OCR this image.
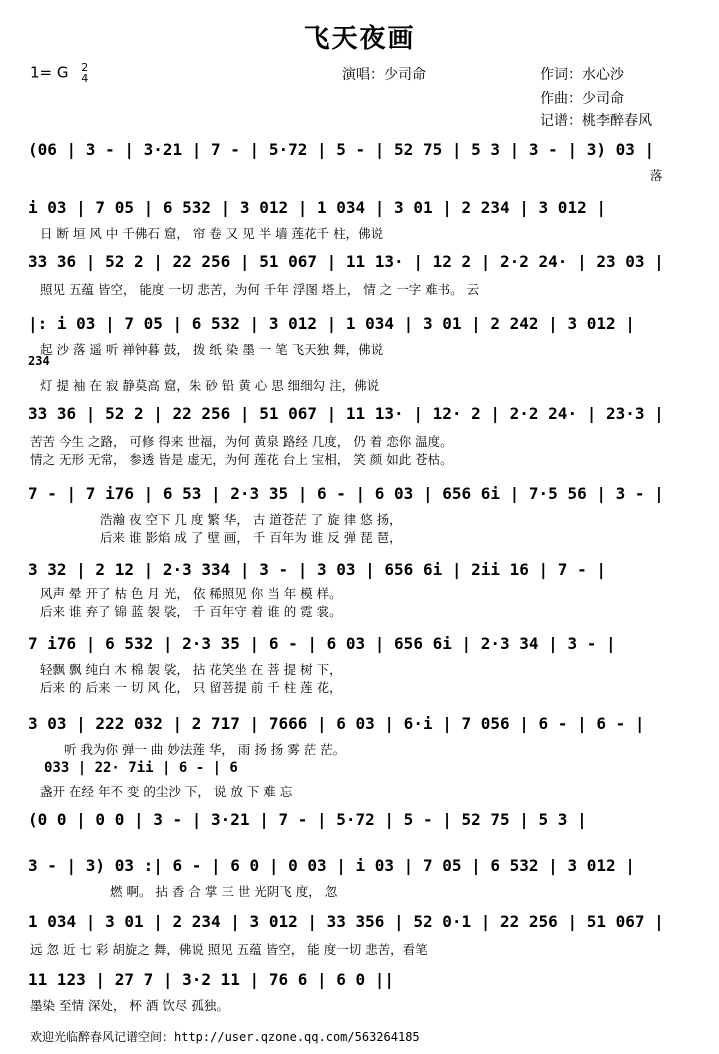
飞天夜画
1= G 2
4	演唱：少司命	作词：水心沙
作曲：少司命
记谱：桃李醉春风
(06 | 3 - | 3·21 | 7 - | 5·72 | 5 - | 52 75 | 5 3 | 3 - | 3) 03 |
落
i 03 | 7 05 | 6 532 | 3 012 | 1 034 | 3 01 | 2 234 | 3 012 |
日 断 垣 风 中 千佛石 窟， 帘 卷 又 见 半 墙 莲花千 柱，佛说
33 36 | 52 2 | 22 256 | 51 067 | 11 13· | 12 2 | 2·2 24· | 23 03 |
照见 五蕴 皆空， 能度 一切 悲苦，为何 千年 浮图 塔上， 情 之 一字 难书。 云
|: i 03 | 7 05 | 6 532 | 3 012 | 1 034 | 3 01 | 2 242 | 3 012 |
起 沙 落 遥 听 禅钟暮 鼓， 拨 纸 染 墨 一 笔 飞天独 舞，佛说
234
灯 提 袖 在 寂 静莫高 窟，朱 砂 铅 黄 心 思 细细勾 注，佛说
33 36 | 52 2 | 22 256 | 51 067 | 11 13· | 12· 2 | 2·2 24· | 23·3 |
苦苦 今生 之路， 可修 得来 世福，为何 黄泉 路经 几度， 仍 着 恋你 温度。
情之 无形 无常， 参透 皆是 虚无，为何 莲花 台上 宝相， 笑 颜 如此 苍枯。
7 - | 7 i76 | 6 53 | 2·3 35 | 6 - | 6 03 | 656 6i | 7·5 56 | 3 - |
浩瀚 夜 空下 几 度 繁 华， 古 道苍茫 了 旋 律 悠 扬，
后来 谁 影焰 成 了 壁 画， 千 百年为 谁 反 弹 琵 琶，
3 32 | 2 12 | 2·3 334 | 3 - | 3 03 | 656 6i | 2ii 16 | 7 - |
风声 晕 开了 枯 色 月 光， 依 稀照见 你 当 年 模 样。
后来 谁 弃了 锦 蓝 袈 裟， 千 百年守 着 谁 的 霓 裳。
7 i76 | 6 532 | 2·3 35 | 6 - | 6 03 | 656 6i | 2·3 34 | 3 - |
轻飘 飘 纯白 木 棉 袈 裟， 拈 花笑坐 在 菩 提 树 下，
后来 的 后来 一 切 风 化， 只 留菩提 前 千 柱 莲 花，
3 03 | 222 032 | 2 717 | 7666 | 6 03 | 6·i | 7 056 | 6 - | 6 - |
听 我为你 弹一 曲 妙法莲 华， 雨 扬 扬 雾 茫 茫。
033 | 22· 7ii | 6 - | 6
盏开 在经 年不 变 的尘沙 下， 说 放 下 难 忘
(0 0 | 0 0 | 3 - | 3·21 | 7 - | 5·72 | 5 - | 52 75 | 5 3 |
3 - | 3) 03 :| 6 - | 6 0 | 0 03 | i 03 | 7 05 | 6 532 | 3 012 |
燃 啊。 拈 香 合 掌 三 世 光阴飞 度， 忽
1 034 | 3 01 | 2 234 | 3 012 | 33 356 | 52 0·1 | 22 256 | 51 067 |
远 忽 近 七 彩 胡旋之 舞，佛说 照见 五蕴 皆空， 能 度一切 悲苦，看笔
11 123 | 27 7 | 3·2 11 | 76 6 | 6 0 ||
墨染 至情 深处， 杯 酒 饮尽 孤独。
欢迎光临醉春风记谱空间：http://user.qzone.qq.com/563264185
